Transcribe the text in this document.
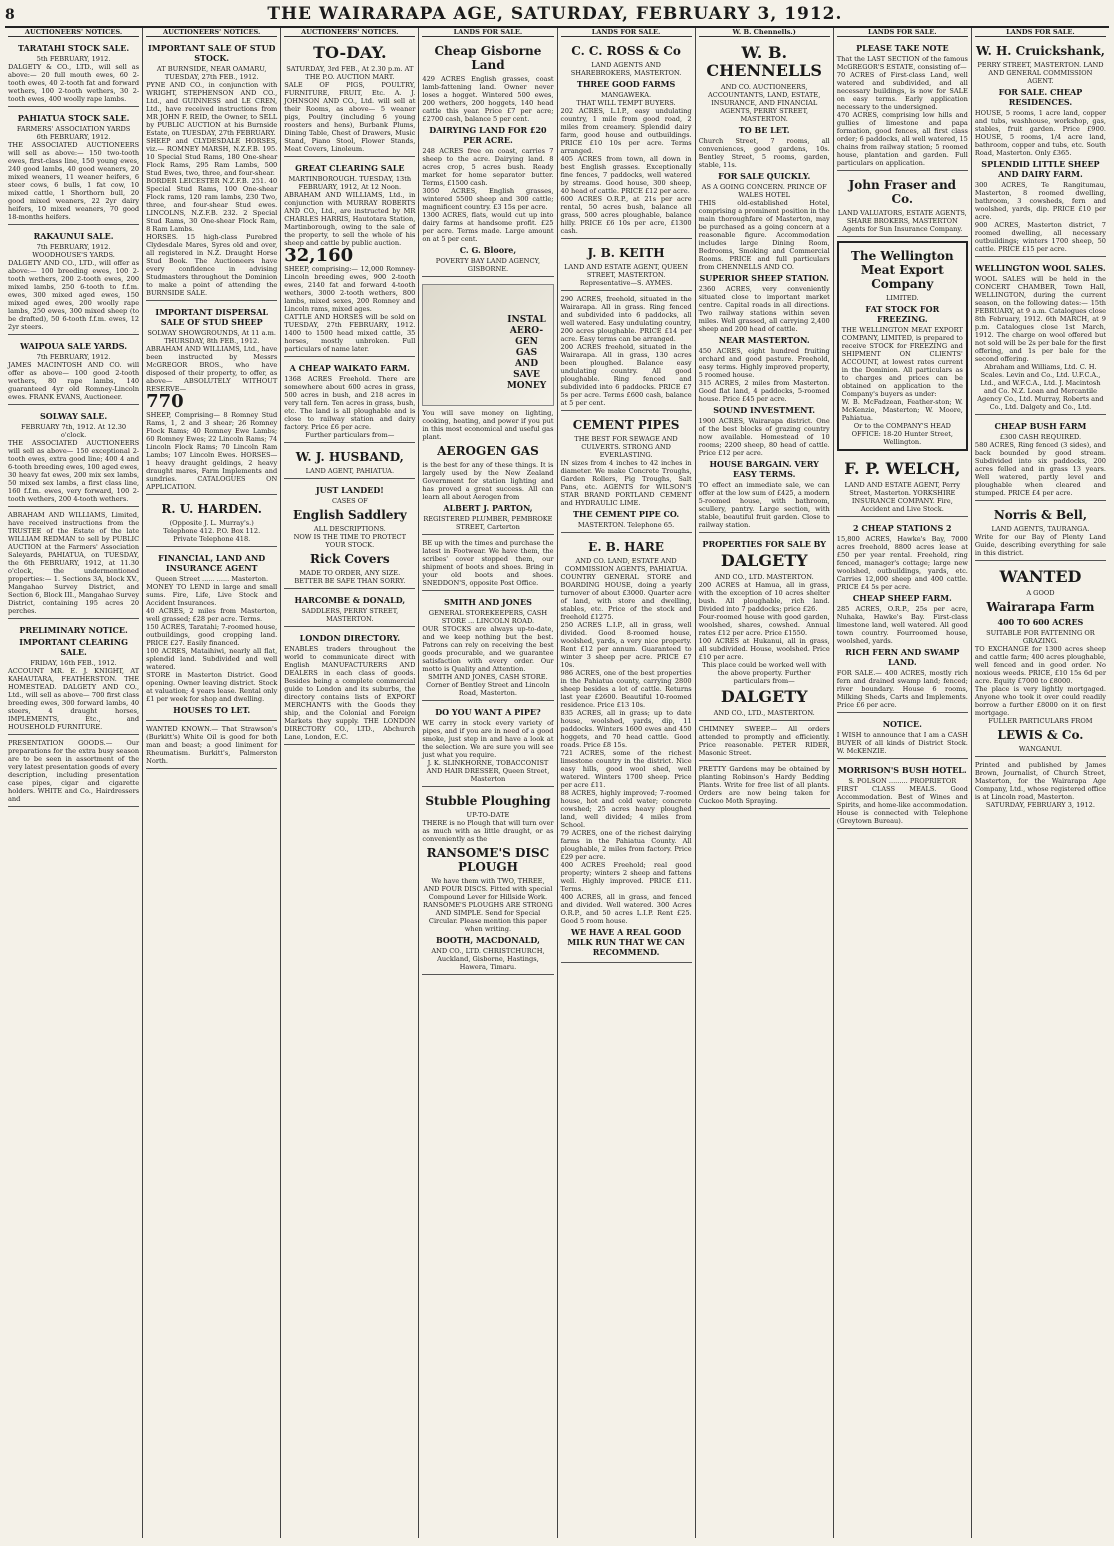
8	THE WAIRARAPA AGE, SATURDAY, FEBRUARY 3, 1912.
AUCTIONEERS' NOTICES.
TARATAHI STOCK SALE.
5th FEBRUARY, 1912.
DALGETY & CO., LTD., will sell as above:— 20 full mouth ewes, 60 2-tooth ewes, 40 2-tooth fat and forward wethers, 100 2-tooth wethers, 30 2-tooth ewes, 400 woolly rape lambs.
PAHIATUA STOCK SALE.
FARMERS' ASSOCIATION YARDS
6th FEBRUARY, 1912.
THE ASSOCIATED AUCTIONEERS will sell as above:— 150 two-tooth ewes, first-class line, 150 young ewes, 240 good lambs, 40 good weaners, 20 mixed weaners, 11 weaner heifers, 6 steer cows, 6 bulls, 1 fat cow, 10 mixed cattle, 1 Shorthorn bull, 20 good mixed weaners, 22 2yr dairy heifers, 10 mixed weaners, 70 good 18-months heifers.
RAKAUNUI SALE.
7th FEBRUARY, 1912.
WOODHOUSE'S YARDS.
DALGETY AND CO., LTD., will offer as above:— 100 breeding ewes, 100 2-tooth wethers, 200 2-tooth ewes, 200 mixed lambs, 250 6-tooth to f.f.m. ewes, 300 mixed aged ewes, 150 mixed aged ewes, 200 woolly rape lambs, 250 ewes, 300 mixed sheep (to be drafted), 50 6-tooth f.f.m. ewes, 12 2yr steers.
WAIPOUA SALE YARDS.
7th FEBRUARY, 1912.
JAMES MACINTOSH AND CO. will offer as above— 100 good 2-tooth wethers, 80 rape lambs, 140 guaranteed 4yr old Romney-Lincoln ewes. FRANK EVANS, Auctioneer.
SOLWAY SALE.
FEBRUARY 7th, 1912. At 12.30 o'clock.
THE ASSOCIATED AUCTIONEERS will sell as above— 150 exceptional 2-tooth ewes, extra good line; 400 4 and 6-tooth breeding ewes, 100 aged ewes, 30 heavy fat ewes, 200 mix sex lambs, 50 mixed sex lambs, a first class line, 160 f.f.m. ewes, very forward, 100 2-tooth wethers, 200 4-tooth wethers.
ABRAHAM AND WILLIAMS, Limited, have received instructions from the TRUSTEE of the Estate of the late WILLIAM REDMAN to sell by PUBLIC AUCTION at the Farmers' Association Saleyards, PAHIATUA, on TUESDAY, the 6th FEBRUARY, 1912, at 11.30 o'clock, the undermentioned properties:— 1. Sections 3A, block XV., Mangahao Survey District, and Section 6, Block III., Mangahao Survey District, containing 195 acres 20 perches.
PRELIMINARY NOTICE.
IMPORTANT CLEARING SALE.
FRIDAY, 16th FEB., 1912.
ACCOUNT MR. E. J. KNIGHT, AT KAHAUTARA, FEATHERSTON. THE HOMESTEAD. DALGETY AND CO., Ltd., will sell as above— 700 first class breeding ewes, 300 forward lambs, 40 steers, 4 draught horses, IMPLEMENTS, Etc., and HOUSEHOLD FURNITURE.
PRESENTATION GOODS.— Our preparations for the extra busy season are to be seen in assortment of the very latest presentation goods of every description, including presentation case pipes, cigar and cigarette holders. WHITE and Co., Hairdressers and
AUCTIONEERS' NOTICES.
IMPORTANT SALE OF STUD STOCK.
AT BURNSIDE, NEAR OAMARU, TUESDAY, 27th FEB., 1912.
PYNE AND CO., in conjunction with WRIGHT, STEPHENSON AND CO., Ltd., and GUINNESS and LE CREN, Ltd., have received instructions from MR JOHN F. REID, the Owner, to SELL by PUBLIC AUCTION at his Burnside Estate, on TUESDAY, 27th FEBRUARY.
SHEEP and CLYDESDALE HORSES, viz.— ROMNEY MARSH, N.Z.F.B. 195. 10 Special Stud Rams, 180 One-shear Flock Rams, 295 Ram Lambs, 500 Stud Ewes, two, three, and four-shear.
BORDER LEICESTER N.Z.F.B. 251. 40 Special Stud Rams, 100 One-shear Flock rams, 120 ram lambs, 230 Two, three, and four-shear Stud ewes. LINCOLNS, N.Z.F.B. 232. 2 Special Stud Rams, 30 One-shear Flock Ram, 8 Ram Lambs.
HORSES. 15 high-class Purebred Clydesdale Mares, Syres old and over, all registered in N.Z. Draught Horse Stud Book. The Auctioneers have every confidence in advising Studmasters throughout the Dominion to make a point of attending the BURNSIDE SALE.
IMPORTANT DISPERSAL SALE OF STUD SHEEP
SOLWAY SHOWGROUNDS, At 11 a.m. THURSDAY, 8th FEB., 1912.
ABRAHAM AND WILLIAMS, Ltd., have been instructed by Messrs McGREGOR BROS., who have disposed of their property, to offer, as above— ABSOLUTELY WITHOUT RESERVE—
770
SHEEP, Comprising— 8 Romney Stud Rams, 1, 2 and 3 shear; 26 Romney Flock Rams; 40 Romney Ewe Lambs; 60 Romney Ewes; 22 Lincoln Rams; 74 Lincoln Flock Rams; 70 Lincoln Ram Lambs; 107 Lincoln Ewes. HORSES— 1 heavy draught geldings, 2 heavy draught mares, Farm Implements and sundries. CATALOGUES ON APPLICATION.
R. U. HARDEN.
(Opposite J. L. Murray's.)
Telephone 412. P.O. Box 112.
Private Telephone 418.
FINANCIAL, LAND AND INSURANCE AGENT
Queen Street ...... ...... Masterton.
MONEY TO LEND in large and small sums. Fire, Life, Live Stock and Accident Insurances.
40 ACRES, 2 miles from Masterton, well grassed; £28 per acre. Terms.
150 ACRES, Taratahi; 7-roomed house, outbuildings, good cropping land. PRICE £27. Easily financed.
100 ACRES, Mataihiwi, nearly all flat, splendid land. Subdivided and well watered.
STORE in Masterton District. Good opening. Owner leaving district. Stock at valuation; 4 years lease. Rental only £1 per week for shop and dwelling.
HOUSES TO LET.
WANTED KNOWN.— That Strawson's (Burkitt's) White Oil is good for both man and beast; a good liniment for Rheumatism. Burkitt's, Palmerston North.
AUCTIONEERS' NOTICES.
TO-DAY.
SATURDAY, 3rd FEB., At 2.30 p.m. AT THE P.O. AUCTION MART.
SALE OF PIGS, POULTRY, FURNITURE, FRUIT, Etc. A. J. JOHNSON AND CO., Ltd. will sell at their Rooms, as above— 5 weaner pigs, Poultry (including 6 young roosters and hens), Burbank Plums, Dining Table, Chest of Drawers, Music Stand, Piano Stool, Flower Stands, Meat Covers, Linoleum.
GREAT CLEARING SALE
MARTINBOROUGH. TUESDAY, 13th FEBRUARY, 1912, At 12 Noon.
ABRAHAM AND WILLIAMS, Ltd., in conjunction with MURRAY ROBERTS AND CO., Ltd., are instructed by MR CHARLES HARRIS, Hautotara Station, Martinborough, owing to the sale of the property, to sell the whole of his sheep and cattle by public auction.
32,160
SHEEP, comprising:— 12,000 Romney-Lincoln breeding ewes, 900 2-tooth ewes, 2140 fat and forward 4-tooth wethers, 3000 2-tooth wethers, 800 lambs, mixed sexes, 200 Romney and Lincoln rams, mixed ages.
CATTLE AND HORSES will be sold on TUESDAY, 27th FEBRUARY, 1912. 1400 to 1500 head mixed cattle, 35 horses, mostly unbroken. Full particulars of name later.
A CHEAP WAIKATO FARM.
1368 ACRES Freehold. There are somewhere about 600 acres in grass, 500 acres in bush, and 218 acres in very tall fern. Ten acres in grass, bush, etc. The land is all ploughable and is close to railway station and dairy factory. Price £6 per acre.
Further particulars from—
W. J. HUSBAND,
LAND AGENT, PAHIATUA.
JUST LANDED!
CASES OF
English Saddlery
ALL DESCRIPTIONS.
NOW IS THE TIME TO PROTECT YOUR STOCK.
Rick Covers
MADE TO ORDER, ANY SIZE. BETTER BE SAFE THAN SORRY.
HARCOMBE & DONALD,
SADDLERS, PERRY STREET, MASTERTON.
LONDON DIRECTORY.
ENABLES traders throughout the world to communicate direct with English MANUFACTURERS AND DEALERS in each class of goods. Besides being a complete commercial guide to London and its suburbs, the directory contains lists of EXPORT MERCHANTS with the Goods they ship, and the Colonial and Foreign Markets they supply. THE LONDON DIRECTORY CO., LTD., Abchurch Lane, London, E.C.
LANDS FOR SALE.
Cheap Gisborne Land
429 ACRES English grasses, coast lamb-fattening land. Owner never loses a hogget. Wintered 500 ewes, 200 wethers, 200 hoggets, 140 head cattle this year. Price £7 per acre; £2700 cash, balance 5 per cent.
DAIRYING LAND FOR £20 PER ACRE.
248 ACRES free on coast, carries 7 sheep to the acre. Dairying land. 8 acres crop, 5 acres bush. Ready market for home separator butter. Terms, £1500 cash.
3050 ACRES, English grasses, wintered 5500 sheep and 300 cattle; magnificent country. £3 15s per acre.
1300 ACRES, flats, would cut up into dairy farms at handsome profit. £25 per acre. Terms made. Large amount on at 5 per cent.
C. G. Bloore,
POVERTY BAY LAND AGENCY, GISBORNE.
INSTAL AERO-GEN GAS AND SAVE MONEY
You will save money on lighting, cooking, heating, and power if you put in this most economical and useful gas plant.
AEROGEN GAS
is the best for any of these things. It is largely used by the New Zealand Government for station lighting and has proved a great success. All can learn all about Aerogen from
ALBERT J. PARTON,
REGISTERED PLUMBER, PEMBROKE STREET, Carterton
BE up with the times and purchase the latest in Footwear. We have them, the scribes' cover stopped them, our shipment of boots and shoes. Bring in your old boots and shoes. SNEDDON'S, opposite Post Office.
SMITH AND JONES
GENERAL STOREKEEPERS, CASH STORE ... LINCOLN ROAD.
OUR STOCKS are always up-to-date, and we keep nothing but the best. Patrons can rely on receiving the best goods procurable, and we guarantee satisfaction with every order. Our motto is Quality and Attention.
SMITH AND JONES, CASH STORE. Corner of Bentley Street and Lincoln Road, Masterton.
DO YOU WANT A PIPE?
WE carry in stock every variety of pipes, and if you are in need of a good smoke, just step in and have a look at the selection. We are sure you will see just what you require.
J. K. SLINKHORNE, TOBACCONIST AND HAIR DRESSER, Queen Street, Masterton
Stubble Ploughing
UP-TO-DATE
THERE is no Plough that will turn over as much with as little draught, or as conveniently as the
RANSOME'S DISC PLOUGH
We have them with TWO, THREE, AND FOUR DISCS. Fitted with special Compound Lever for Hillside Work. RANSOME'S PLOUGHS ARE STRONG AND SIMPLE. Send for Special Circular. Please mention this paper when writing.
BOOTH, MACDONALD,
AND CO., LTD. CHRISTCHURCH, Auckland, Gisborne, Hastings, Hawera, Timaru.
LANDS FOR SALE.
C. C. ROSS & Co
LAND AGENTS AND SHAREBROKERS, MASTERTON.
THREE GOOD FARMS
MANGAWEKA.
THAT WILL TEMPT BUYERS.
202 ACRES, L.I.P., easy undulating country, 1 mile from good road, 2 miles from creamery. Splendid dairy farm, good house and outbuildings. PRICE £10 10s per acre. Terms arranged.
405 ACRES from town, all down in best English grasses. Exceptionally fine fences, 7 paddocks, well watered by streams. Good house, 300 sheep, 40 head of cattle. PRICE £12 per acre.
600 ACRES O.R.P., at 21s per acre rental, 50 acres bush, balance all grass, 500 acres ploughable, balance hilly. PRICE £6 10s per acre, £1300 cash.
J. B. KEITH
LAND AND ESTATE AGENT, QUEEN STREET, MASTERTON. Representative—S. AYMES.
290 ACRES, freehold, situated in the Wairarapa. All in grass. Ring fenced and subdivided into 6 paddocks, all well watered. Easy undulating country, 200 acres ploughable. PRICE £14 per acre. Easy terms can be arranged.
200 ACRES freehold, situated in the Wairarapa. All in grass, 130 acres been ploughed. Balance easy undulating country. All good ploughable. Ring fenced and subdivided into 6 paddocks. PRICE £7 5s per acre. Terms £600 cash, balance at 5 per cent.
CEMENT PIPES
THE BEST FOR SEWAGE AND CULVERTS. STRONG AND EVERLASTING.
IN sizes from 4 inches to 42 inches in diameter. We make Concrete Troughs, Garden Rollers, Pig Troughs, Salt Pans, etc. AGENTS for WILSON'S STAR BRAND PORTLAND CEMENT and HYDRAULIC LIME.
THE CEMENT PIPE CO.
MASTERTON. Telephone 65.
E. B. HARE
AND CO. LAND, ESTATE AND COMMISSION AGENTS, PAHIATUA.
COUNTRY GENERAL STORE and BOARDING HOUSE, doing a yearly turnover of about £3000. Quarter acre of land, with store and dwelling, stables, etc. Price of the stock and freehold £1275.
250 ACRES L.I.P., all in grass, well divided. Good 8-roomed house, woolshed, yards, a very nice property. Rent £12 per annum. Guaranteed to winter 3 sheep per acre. PRICE £7 10s.
986 ACRES, one of the best properties in the Pahiatua county, carrying 2800 sheep besides a lot of cattle. Returns last year £2600. Beautiful 10-roomed residence. Price £13 10s.
835 ACRES, all in grass; up to date house, woolshed, yards, dip, 11 paddocks. Winters 1600 ewes and 450 hoggets, and 70 head cattle. Good roads. Price £8 15s.
721 ACRES, some of the richest limestone country in the district. Nice easy hills, good wool shed, well watered. Winters 1700 sheep. Price per acre £11.
88 ACRES, highly improved; 7-roomed house, hot and cold water; concrete cowshed; 25 acres heavy ploughed land, well divided; 4 miles from School.
79 ACRES, one of the richest dairying farms in the Pahiatua County. All ploughable, 2 miles from factory. Price £29 per acre.
400 ACRES Freehold; real good property; winters 2 sheep and fattens well. Highly improved. PRICE £11. Terms.
400 ACRES, all in grass, and fenced and divided. Well watered. 300 Acres O.R.P., and 50 acres L.I.P. Rent £25. Good 5 room house.
WE HAVE A REAL GOOD MILK RUN THAT WE CAN RECOMMEND.
W. B. Chennells.)
W. B. CHENNELLS
AND CO. AUCTIONEERS, ACCOUNTANTS, LAND, ESTATE, INSURANCE, AND FINANCIAL AGENTS, PERRY STREET, MASTERTON.
TO BE LET.
Church Street, 7 rooms, all conveniences, good gardens, 10s. Bentley Street, 5 rooms, garden, stable, 11s.
FOR SALE QUICKLY.
AS A GOING CONCERN. PRINCE OF WALES HOTEL
THIS old-established Hotel, comprising a prominent position in the main thoroughfare of Masterton, may be purchased as a going concern at a reasonable figure. Accommodation includes large Dining Room, Bedrooms, Smoking and Commercial Rooms. PRICE and full particulars from CHENNELLS AND CO.
SUPERIOR SHEEP STATION.
2360 ACRES, very conveniently situated close to important market centre. Capital roads in all directions. Two railway stations within seven miles. Well grassed, all carrying 2,400 sheep and 200 head of cattle.
NEAR MASTERTON.
450 ACRES, eight hundred fruiting orchard and good pasture. Freehold, easy terms. Highly improved property, 5 roomed house.
315 ACRES, 2 miles from Masterton. Good flat land, 4 paddocks, 5-roomed house. Price £45 per acre.
SOUND INVESTMENT.
1900 ACRES, Wairarapa district. One of the best blocks of grazing country now available. Homestead of 10 rooms; 2200 sheep, 80 head of cattle. Price £12 per acre.
HOUSE BARGAIN. VERY EASY TERMS.
TO effect an immediate sale, we can offer at the low sum of £425, a modern 5-roomed house, with bathroom, scullery, pantry. Large section, with stable, beautiful fruit garden. Close to railway station.
PROPERTIES FOR SALE BY
DALGETY
AND CO., LTD. MASTERTON.
200 ACRES at Hamua, all in grass, with the exception of 10 acres shelter bush. All ploughable, rich land. Divided into 7 paddocks; price £26.
Four-roomed house with good garden, woolshed, shares, cowshed. Annual rates £12 per acre. Price £1550.
100 ACRES at Hukanui, all in grass, all subdivided. House, woolshed. Price £10 per acre.
This place could be worked well with the above property. Further particulars from—
DALGETY
AND CO., LTD., MASTERTON.
CHIMNEY SWEEP.— All orders attended to promptly and efficiently. Price reasonable. PETER RIDER, Masonic Street.
PRETTY Gardens may be obtained by planting Robinson's Hardy Bedding Plants. Write for free list of all plants. Orders are now being taken for Cuckoo Moth Spraying.
LANDS FOR SALE.
PLEASE TAKE NOTE
That the LAST SECTION of the famous McGREGOR'S ESTATE, consisting of—
70 ACRES of First-class Land, well watered and subdivided, and all necessary buildings, is now for SALE on easy terms. Early application necessary to the undersigned.
470 ACRES, comprising low hills and gullies of limestone and papa formation, good fences, all first class order; 6 paddocks, all well watered, 15 chains from railway station; 5 roomed house, plantation and garden. Full particulars on application.
John Fraser and Co.
LAND VALUATORS, ESTATE AGENTS, SHARE BROKERS, MASTERTON
Agents for Sun Insurance Company.
The Wellington Meat Export Company
LIMITED.
FAT STOCK FOR FREEZING.
THE WELLINGTON MEAT EXPORT COMPANY, LIMITED, is prepared to receive STOCK for FREEZING and SHIPMENT ON CLIENTS' ACCOUNT, at lowest rates current in the Dominion. All particulars as to charges and prices can be obtained on application to the Company's buyers as under:
W. B. McFadzean, Feather-ston; W. McKenzie, Masterton; W. Moore, Pahiatua.
Or to the COMPANY'S HEAD OFFICE: 18-20 Hunter Street, Wellington.
F. P. WELCH,
LAND AND ESTATE AGENT, Perry Street, Masterton. YORKSHIRE INSURANCE COMPANY. Fire, Accident and Live Stock.
2 CHEAP STATIONS 2
15,800 ACRES, Hawke's Bay, 7000 acres freehold, 8800 acres lease at £50 per year rental. Freehold, ring fenced, manager's cottage; large new woolshed, outbuildings, yards, etc. Carries 12,000 sheep and 400 cattle. PRICE £4 5s per acre.
CHEAP SHEEP FARM.
285 ACRES, O.R.P., 25s per acre, Nuhaka, Hawke's Bay. First-class limestone land, well watered. All good town country. Fourroomed house, woolshed, yards.
RICH FERN AND SWAMP LAND.
FOR SALE.— 400 ACRES, mostly rich fern and drained swamp land; fenced; river boundary. House 6 rooms, Milking Sheds, Carts and Implements. Price £6 per acre.
NOTICE.
I WISH to announce that I am a CASH BUYER of all kinds of District Stock. W. McKENZIE.
MORRISON'S BUSH HOTEL.
S. POLSON ......... PROPRIETOR
FIRST CLASS MEALS. Good Accommodation. Best of Wines and Spirits, and home-like accommodation. House is connected with Telephone (Greytown Bureau).
LANDS FOR SALE.
W. H. Cruickshank,
PERRY STREET, MASTERTON. LAND AND GENERAL COMMISSION AGENT.
FOR SALE. CHEAP RESIDENCES.
HOUSE, 5 rooms, 1 acre land, copper and tubs, washhouse, workshop, gas, stables, fruit garden. Price £900. HOUSE, 5 rooms, 1/4 acre land, bathroom, copper and tubs, etc. South Road, Masterton. Only £365.
SPLENDID LITTLE SHEEP AND DAIRY FARM.
300 ACRES, Te Rangitumau, Masterton, 8 roomed dwelling, bathroom, 3 cowsheds, fern and woolshed, yards, dip. PRICE £10 per acre.
900 ACRES, Masterton district, 7 roomed dwelling, all necessary outbuildings; winters 1700 sheep, 50 cattle. PRICE £15 per acre.
WELLINGTON WOOL SALES.
WOOL SALES will be held in the CONCERT CHAMBER, Town Hall, WELLINGTON, during the current season, on the following dates:— 15th FEBRUARY, at 9 a.m. Catalogues close 8th February, 1912. 6th MARCH, at 9 p.m. Catalogues close 1st March, 1912. The charge on wool offered but not sold will be 2s per bale for the first offering, and 1s per bale for the second offering.
Abraham and Williams, Ltd. C. H. Scales. Levin and Co., Ltd. U.F.C.A., Ltd., and W.F.C.A., Ltd. J. Macintosh and Co. N.Z. Loan and Mercantile Agency Co., Ltd. Murray, Roberts and Co., Ltd. Dalgety and Co., Ltd.
CHEAP BUSH FARM
£300 CASH REQUIRED.
580 ACRES, Ring fenced (3 sides), and back bounded by good stream. Subdivided into six paddocks, 200 acres felled and in grass 13 years. Well watered, partly level and ploughable when cleared and stumped. PRICE £4 per acre.
Norris & Bell,
LAND AGENTS, TAURANGA.
Write for our Bay of Plenty Land Guide, describing everything for sale in this district.
WANTED
A GOOD
Wairarapa Farm
400 TO 600 ACRES
SUITABLE FOR FATTENING OR GRAZING.
TO EXCHANGE for 1300 acres sheep and cattle farm; 400 acres ploughable, well fenced and in good order. No noxious weeds. PRICE, £10 15s 6d per acre. Equity £7000 to £8000.
The place is very lightly mortgaged. Anyone who took it over could readily borrow a further £8000 on it on first mortgage.
FULLER PARTICULARS FROM
LEWIS & Co.
WANGANUI.
Printed and published by James Brown, Journalist, of Church Street, Masterton, for the Wairarapa Age Company, Ltd., whose registered office is at Lincoln road, Masterton.
SATURDAY, FEBRUARY 3, 1912.
